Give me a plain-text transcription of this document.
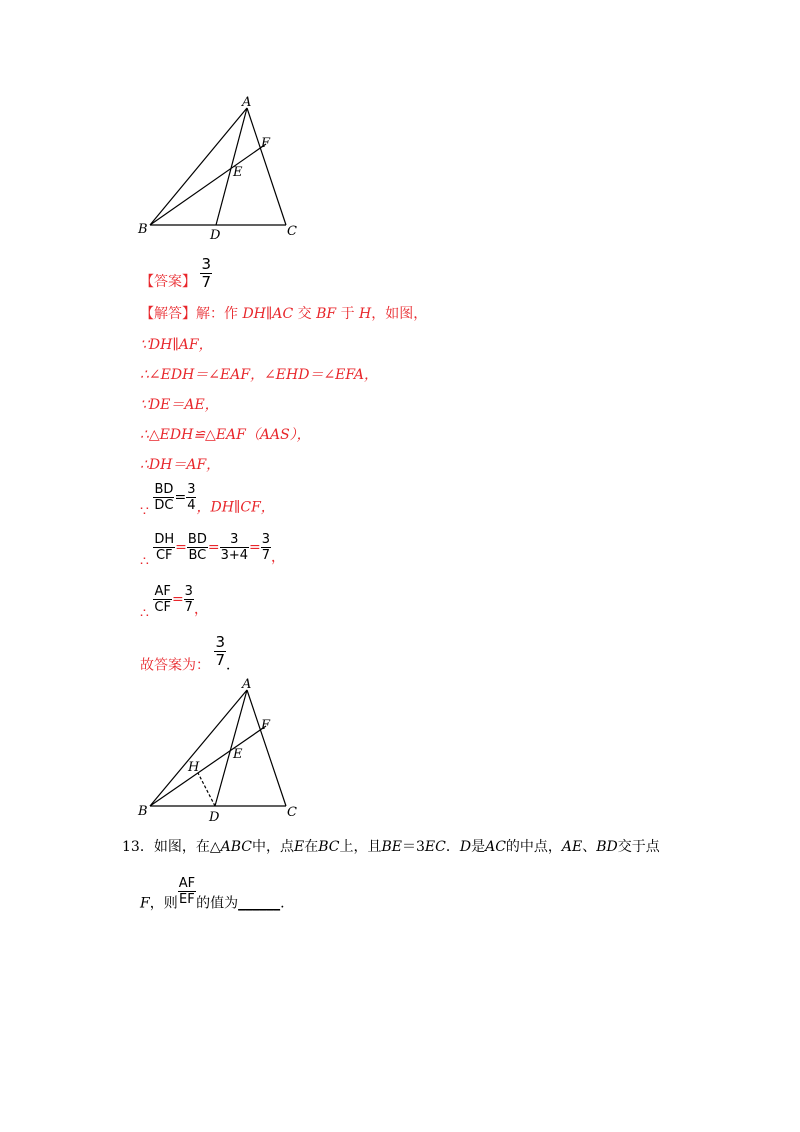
A
F
E
B	D	C
【答案】 $\frac{3}{7}$
【解答】解：作 DH∥AC 交 BF 于 H，如图，
∵DH∥AF，
∴∠EDH＝∠EAF，∠EHD＝∠EFA，
∵DE＝AE，
∴△EDH≌△EAF（AAS），
∴DH＝AF，
∵ $\frac{BD}{DC} = \frac{3}{4}$ ，DH∥CF，
∴ $\frac{DH}{CF} = \frac{BD}{BC} = \frac{3}{3+4} = \frac{3}{7}$ ，
∴ $\frac{AF}{CF} = \frac{3}{7}$ ，
故答案为： $\frac{3}{7}$ ．
A
F
E
H
B	D	C
13．如图，在△ABC中，点E在BC上，且BE＝3EC．D是AC的中点，AE、BD交于点
F，则 $\frac{AF}{EF}$ 的值为______.
